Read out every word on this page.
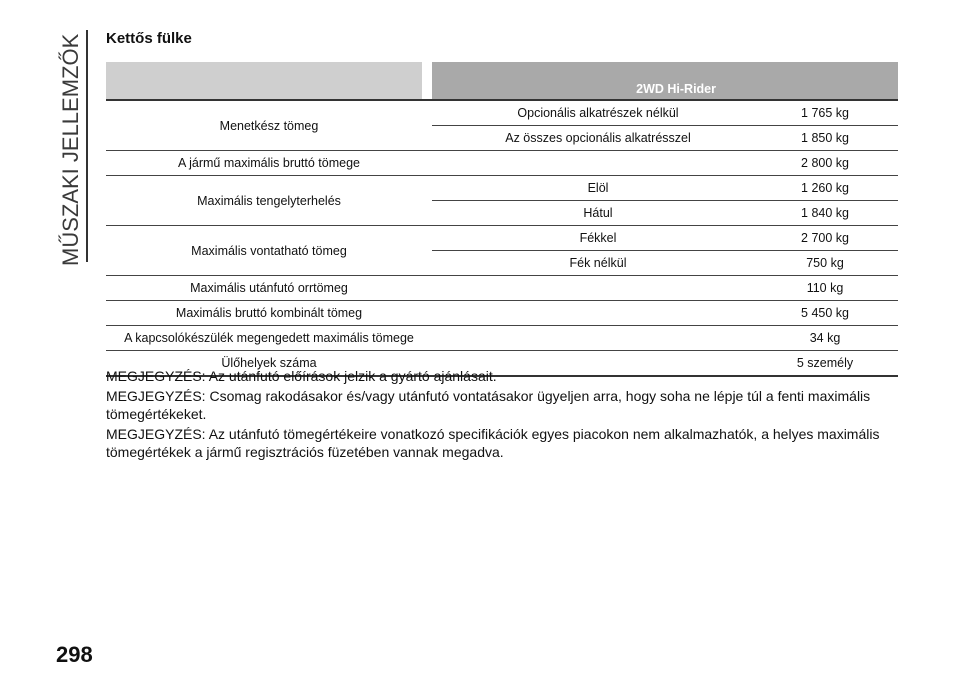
MŰSZAKI JELLEMZŐK Kettős fülke
		2WD Hi-Rider	
Menetkész tömeg		Opcionális alkatrészek nélkül	1 765 kg
		Az összes opcionális alkatrésszel	1 850 kg
A jármű maximális bruttó tömege			2 800 kg
Maximális tengelyterhelés		Elöl	1 260 kg
		Hátul	1 840 kg
Maximális vontatható tömeg		Fékkel	2 700 kg
		Fék nélkül	750 kg
Maximális utánfutó orrtömeg			110 kg
Maximális bruttó kombinált tömeg			5 450 kg
A kapcsolókészülék megengedett maximális tömege			34 kg
Ülőhelyek száma			5 személy

MEGJEGYZÉS: Az utánfutó előírások jelzik a gyártó ajánlásait.

MEGJEGYZÉS: Csomag rakodásakor és/vagy utánfutó vontatásakor ügyeljen arra, hogy soha ne lépje túl a fenti maximális tömegértékeket.

MEGJEGYZÉS: Az utánfutó tömegértékeire vonatkozó specifikációk egyes piacokon nem alkalmazhatók, a helyes maximális tömegértékek a jármű regisztrációs füzetében vannak megadva.

298
